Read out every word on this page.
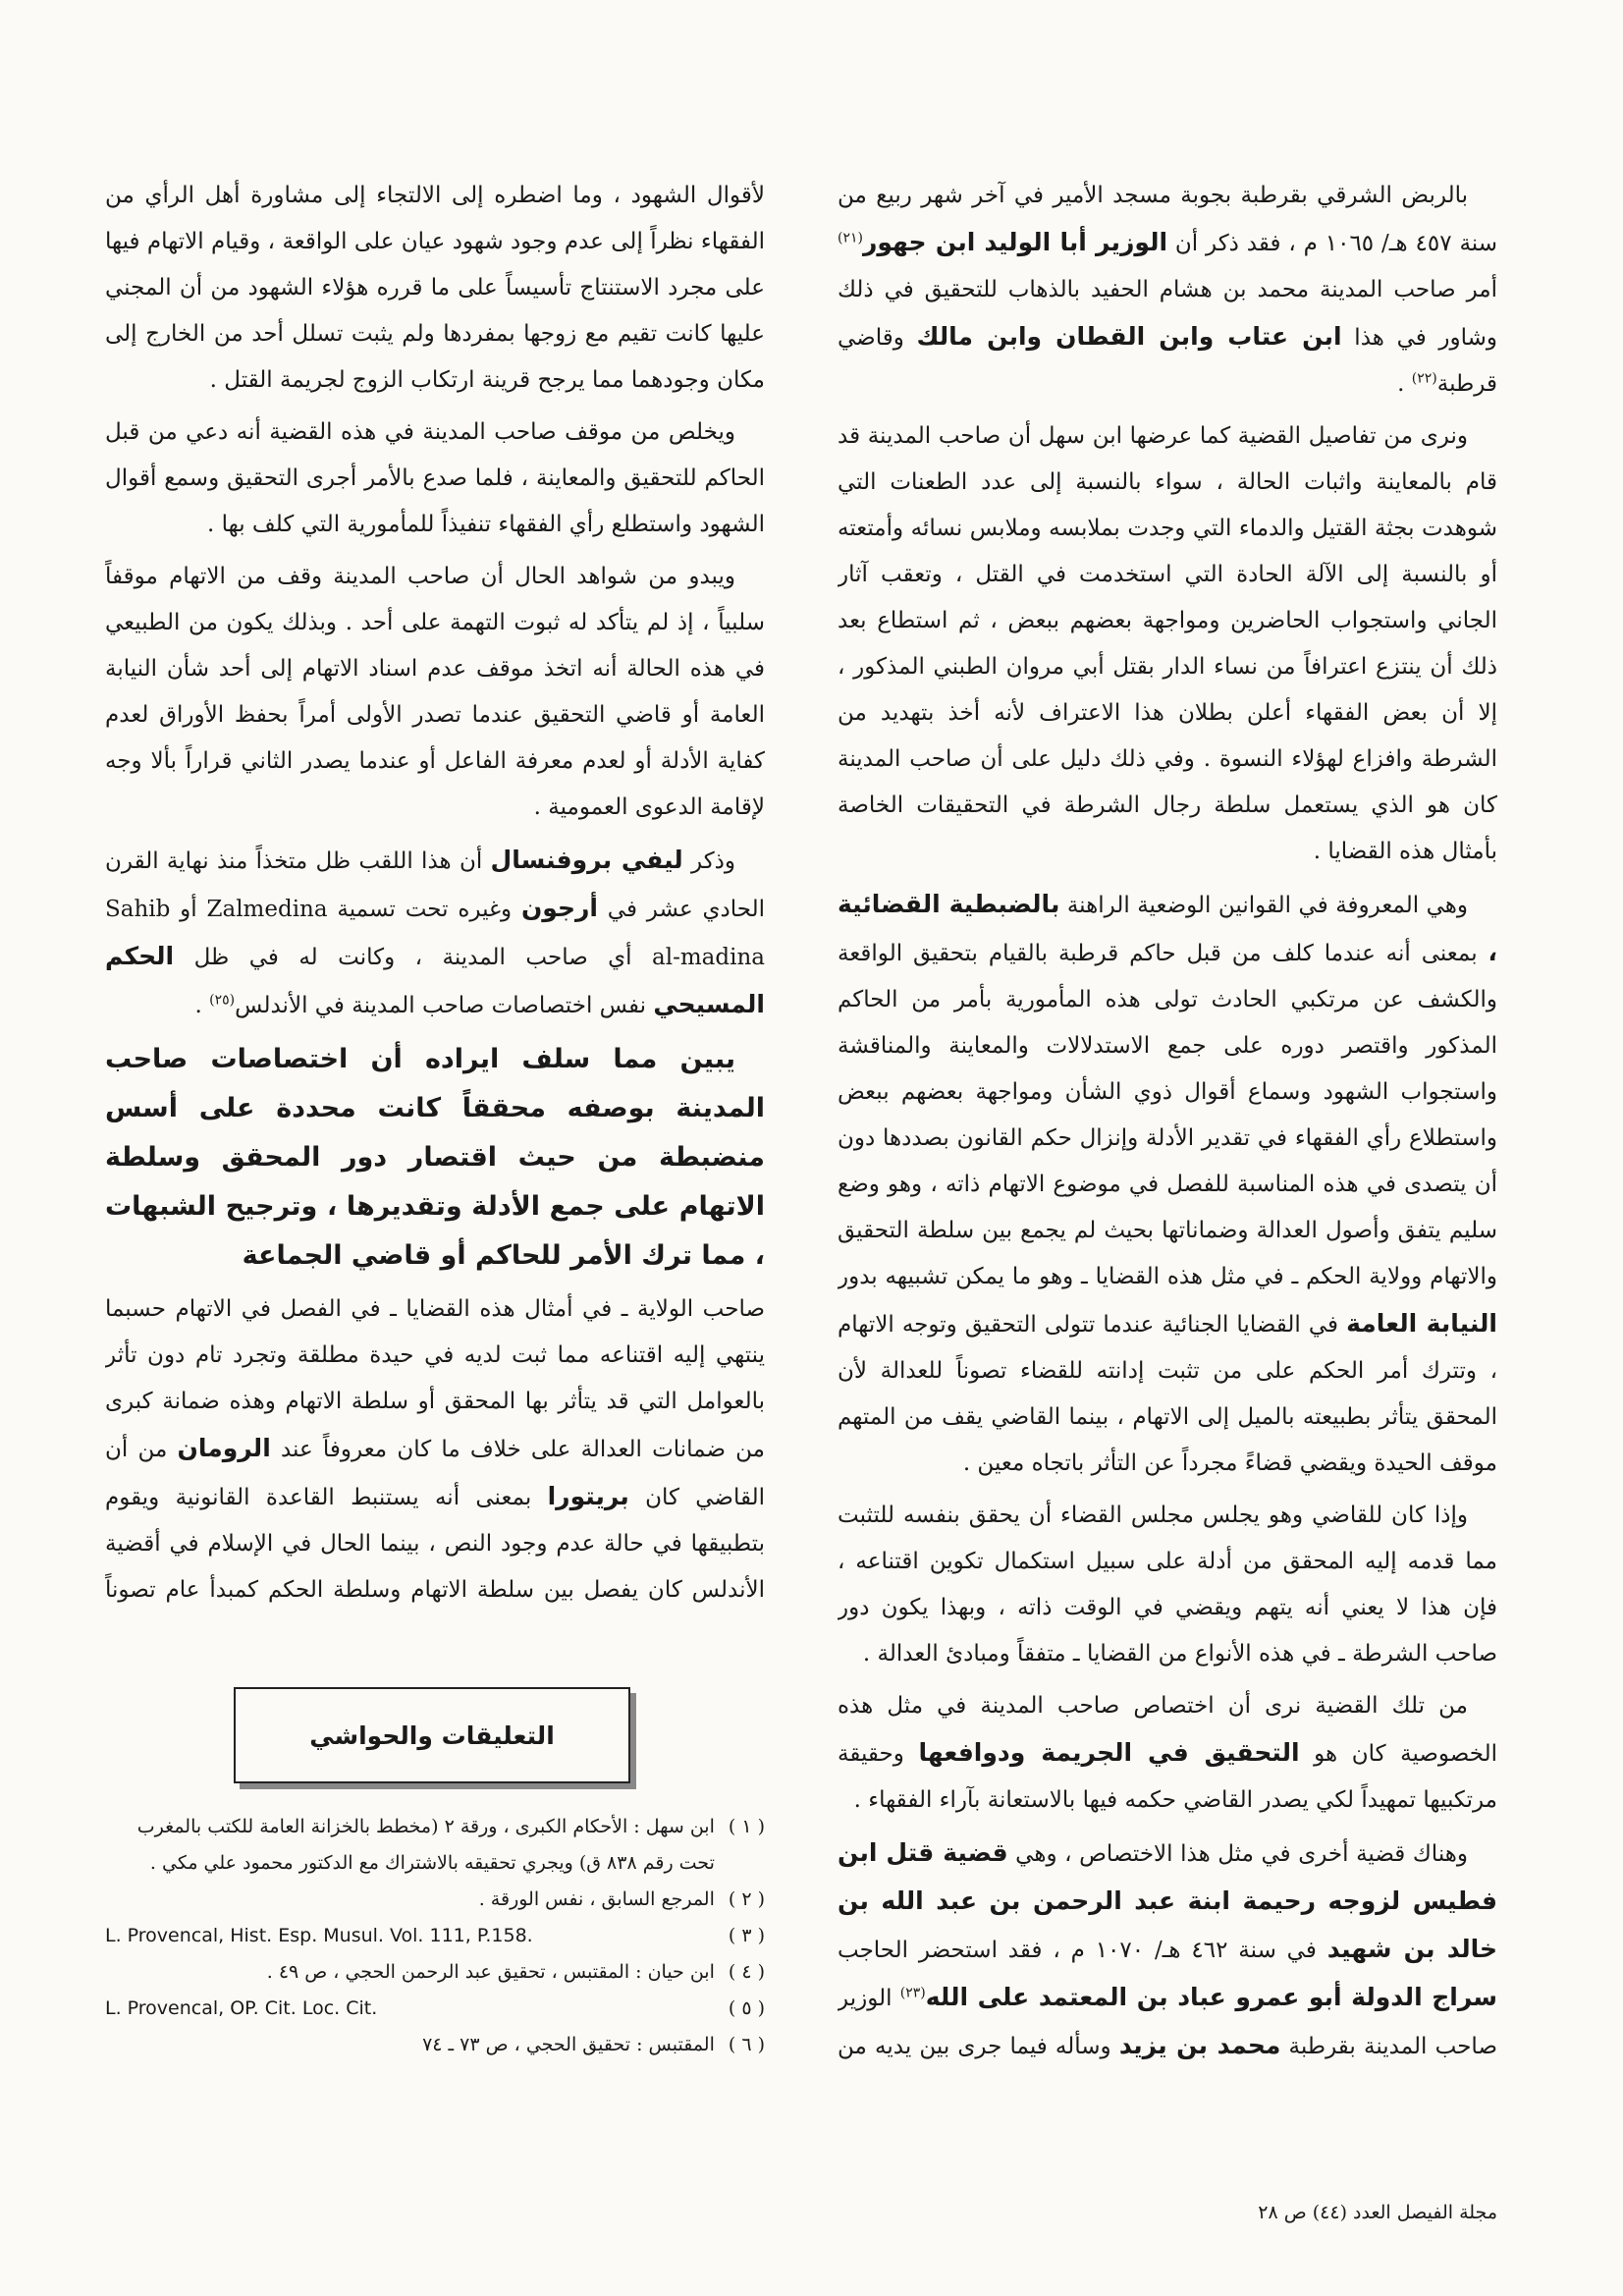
بالربض الشرقي بقرطبة بجوبة مسجد الأمير في آخر شهر ربيع من سنة ٤٥٧ هـ/ ١٠٦٥ م ، فقد ذكر أن الوزير أبا الوليد ابن جهور$^{(٢١)}$ أمر صاحب المدينة محمد بن هشام الحفيد بالذهاب للتحقيق في ذلك وشاور في هذا ابن عتاب وابن القطان وابن مالك وقاضي قرطبة$^{(٢٢)}$ .

ونرى من تفاصيل القضية كما عرضها ابن سهل أن صاحب المدينة قد قام بالمعاينة واثبات الحالة ، سواء بالنسبة إلى عدد الطعنات التي شوهدت بجثة القتيل والدماء التي وجدت بملابسه وملابس نسائه وأمتعته أو بالنسبة إلى الآلة الحادة التي استخدمت في القتل ، وتعقب آثار الجاني واستجواب الحاضرين ومواجهة بعضهم ببعض ، ثم استطاع بعد ذلك أن ينتزع اعترافاً من نساء الدار بقتل أبي مروان الطبني المذكور ، إلا أن بعض الفقهاء أعلن بطلان هذا الاعتراف لأنه أخذ بتهديد من الشرطة وافزاع لهؤلاء النسوة . وفي ذلك دليل على أن صاحب المدينة كان هو الذي يستعمل سلطة رجال الشرطة في التحقيقات الخاصة بأمثال هذه القضايا .

وهي المعروفة في القوانين الوضعية الراهنة بالضبطية القضائية ، بمعنى أنه عندما كلف من قبل حاكم قرطبة بالقيام بتحقيق الواقعة والكشف عن مرتكبي الحادث تولى هذه المأمورية بأمر من الحاكم المذكور واقتصر دوره على جمع الاستدلالات والمعاينة والمناقشة واستجواب الشهود وسماع أقوال ذوي الشأن ومواجهة بعضهم ببعض واستطلاع رأي الفقهاء في تقدير الأدلة وإنزال حكم القانون بصددها دون أن يتصدى في هذه المناسبة للفصل في موضوع الاتهام ذاته ، وهو وضع سليم يتفق وأصول العدالة وضماناتها بحيث لم يجمع بين سلطة التحقيق والاتهام وولاية الحكم ـ في مثل هذه القضايا ـ وهو ما يمكن تشبيهه بدور النيابة العامة في القضايا الجنائية عندما تتولى التحقيق وتوجه الاتهام ، وتترك أمر الحكم على من تثبت إدانته للقضاء تصوناً للعدالة لأن المحقق يتأثر بطبيعته بالميل إلى الاتهام ، بينما القاضي يقف من المتهم موقف الحيدة ويقضي قضاءً مجرداً عن التأثر باتجاه معين .

وإذا كان للقاضي وهو يجلس مجلس القضاء أن يحقق بنفسه للتثبت مما قدمه إليه المحقق من أدلة على سبيل استكمال تكوين اقتناعه ، فإن هذا لا يعني أنه يتهم ويقضي في الوقت ذاته ، وبهذا يكون دور صاحب الشرطة ـ في هذه الأنواع من القضايا ـ متفقاً ومبادئ العدالة .

من تلك القضية نرى أن اختصاص صاحب المدينة في مثل هذه الخصوصية كان هو التحقيق في الجريمة ودوافعها وحقيقة مرتكبيها تمهيداً لكي يصدر القاضي حكمه فيها بالاستعانة بآراء الفقهاء .

وهناك قضية أخرى في مثل هذا الاختصاص ، وهي قضية قتل ابن فطيس لزوجه رحيمة ابنة عبد الرحمن بن عبد الله بن خالد بن شهيد في سنة ٤٦٢ هـ/ ١٠٧٠ م ، فقد استحضر الحاجب سراج الدولة أبو عمرو عباد بن المعتمد على الله$^{(٢٣)}$ الوزير صاحب المدينة بقرطبة محمد بن يزيد وسأله فيما جرى بين يديه من

لأقوال الشهود ، وما اضطره إلى الالتجاء إلى مشاورة أهل الرأي من الفقهاء نظراً إلى عدم وجود شهود عيان على الواقعة ، وقيام الاتهام فيها على مجرد الاستنتاج تأسيساً على ما قرره هؤلاء الشهود من أن المجني عليها كانت تقيم مع زوجها بمفردها ولم يثبت تسلل أحد من الخارج إلى مكان وجودهما مما يرجح قرينة ارتكاب الزوج لجريمة القتل .

ويخلص من موقف صاحب المدينة في هذه القضية أنه دعي من قبل الحاكم للتحقيق والمعاينة ، فلما صدع بالأمر أجرى التحقيق وسمع أقوال الشهود واستطلع رأي الفقهاء تنفيذاً للمأمورية التي كلف بها .

ويبدو من شواهد الحال أن صاحب المدينة وقف من الاتهام موقفاً سلبياً ، إذ لم يتأكد له ثبوت التهمة على أحد . وبذلك يكون من الطبيعي في هذه الحالة أنه اتخذ موقف عدم اسناد الاتهام إلى أحد شأن النيابة العامة أو قاضي التحقيق عندما تصدر الأولى أمراً بحفظ الأوراق لعدم كفاية الأدلة أو لعدم معرفة الفاعل أو عندما يصدر الثاني قراراً بألا وجه لإقامة الدعوى العمومية .

وذكر ليفي بروفنسال أن هذا اللقب ظل متخذاً منذ نهاية القرن الحادي عشر في أرجون وغيره تحت تسمية Zalmedina أو Sahib al-madina أي صاحب المدينة ، وكانت له في ظل الحكم المسيحي نفس اختصاصات صاحب المدينة في الأندلس$^{(٢٥)}$ .

يبين مما سلف ايراده أن اختصاصات صاحب المدينة بوصفه محققاً كانت محددة على أسس منضبطة من حيث اقتصار دور المحقق وسلطة الاتهام على جمع الأدلة وتقديرها ، وترجيح الشبهات ، مما ترك الأمر للحاكم أو قاضي الجماعة

صاحب الولاية ـ في أمثال هذه القضايا ـ في الفصل في الاتهام حسبما ينتهي إليه اقتناعه مما ثبت لديه في حيدة مطلقة وتجرد تام دون تأثر بالعوامل التي قد يتأثر بها المحقق أو سلطة الاتهام وهذه ضمانة كبرى من ضمانات العدالة على خلاف ما كان معروفاً عند الرومان من أن القاضي كان بريتورا بمعنى أنه يستنبط القاعدة القانونية ويقوم بتطبيقها في حالة عدم وجود النص ، بينما الحال في الإسلام في أقضية الأندلس كان يفصل بين سلطة الاتهام وسلطة الحكم كمبدأ عام تصوناً

التعليقات والحواشي
( ١ )
ابن سهل : الأحكام الكبرى ، ورقة ٢ (مخطط بالخزانة العامة للكتب بالمغرب تحت رقم ٨٣٨ ق) ويجري تحقيقه بالاشتراك مع الدكتور محمود علي مكي .
( ٢ )
المرجع السابق ، نفس الورقة .
( ٣ )
L. Provencal, Hist. Esp. Musul. Vol. 111, P.158.
( ٤ )
ابن حيان : المقتبس ، تحقيق عبد الرحمن الحجي ، ص ٤٩ .
( ٥ )
L. Provencal, OP. Cit. Loc. Cit.
( ٦ )
المقتبس : تحقيق الحجي ، ص ٧٣ ـ ٧٤
مجلة الفيصل العدد (٤٤) ص ٢٨
